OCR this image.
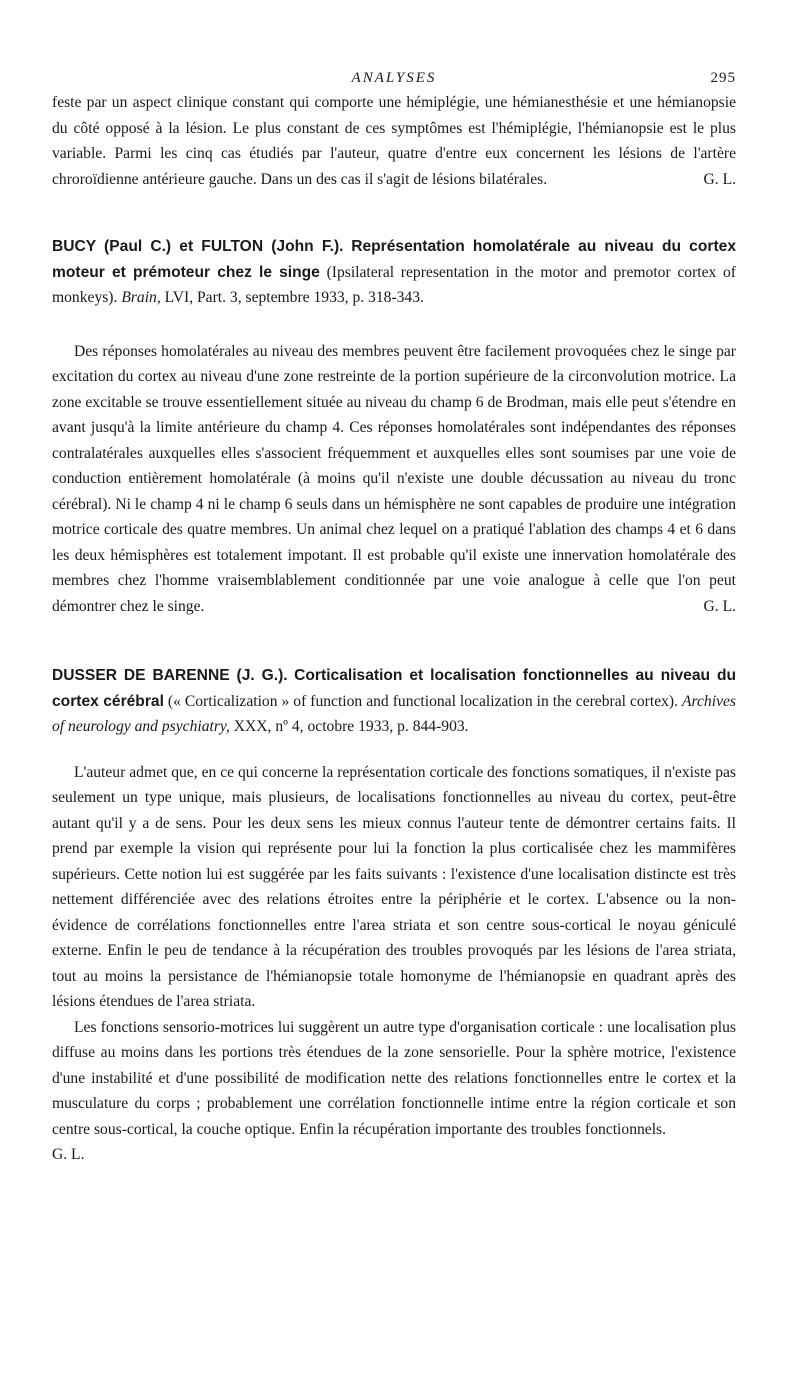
ANALYSES	295

feste par un aspect clinique constant qui comporte une hémiplégie, une hémianesthésie et une hémianopsie du côté opposé à la lésion. Le plus constant de ces symptômes est l'hémiplégie, l'hémianopsie est le plus variable. Parmi les cinq cas étudiés par l'auteur, quatre d'entre eux concernent les lésions de l'artère chroroïdienne antérieure gauche. Dans un des cas il s'agit de lésions bilatérales.	G. L.

BUCY (Paul C.) et FULTON (John F.). Représentation homolatérale au niveau du cortex moteur et prémoteur chez le singe (Ipsilateral representation in the motor and premotor cortex of monkeys). Brain, LVI, Part. 3, septembre 1933, p. 318-343.

Des réponses homolatérales au niveau des membres peuvent être facilement provoquées chez le singe par excitation du cortex au niveau d'une zone restreinte de la portion supérieure de la circonvolution motrice. La zone excitable se trouve essentiellement située au niveau du champ 6 de Brodman, mais elle peut s'étendre en avant jusqu'à la limite antérieure du champ 4. Ces réponses homolatérales sont indépendantes des réponses contralatérales auxquelles elles s'associent fréquemment et auxquelles elles sont soumises par une voie de conduction entièrement homolatérale (à moins qu'il n'existe une double décussation au niveau du tronc cérébral). Ni le champ 4 ni le champ 6 seuls dans un hémisphère ne sont capables de produire une intégration motrice corticale des quatre membres. Un animal chez lequel on a pratiqué l'ablation des champs 4 et 6 dans les deux hémisphères est totalement impotant. Il est probable qu'il existe une innervation homolatérale des membres chez l'homme vraisemblablement conditionnée par une voie analogue à celle que l'on peut démontrer chez le singe.	G. L.

DUSSER DE BARENNE (J. G.). Corticalisation et localisation fonctionnelles au niveau du cortex cérébral (« Corticalization » of function and functional localization in the cerebral cortex). Archives of neurology and psychiatry, XXX, nº 4, octobre 1933, p. 844-903.

L'auteur admet que, en ce qui concerne la représentation corticale des fonctions somatiques, il n'existe pas seulement un type unique, mais plusieurs, de localisations fonctionnelles au niveau du cortex, peut-être autant qu'il y a de sens. Pour les deux sens les mieux connus l'auteur tente de démontrer certains faits. Il prend par exemple la vision qui représente pour lui la fonction la plus corticalisée chez les mammifères supérieurs. Cette notion lui est suggérée par les faits suivants : l'existence d'une localisation distincte est très nettement différenciée avec des relations étroites entre la périphérie et le cortex. L'absence ou la non-évidence de corrélations fonctionnelles entre l'area striata et son centre sous-cortical le noyau géniculé externe. Enfin le peu de tendance à la récupération des troubles provoqués par les lésions de l'area striata, tout au moins la persistance de l'hémianopsie totale homonyme de l'hémianopsie en quadrant après des lésions étendues de l'area striata.

Les fonctions sensorio-motrices lui suggèrent un autre type d'organisation corticale : une localisation plus diffuse au moins dans les portions très étendues de la zone sensorielle. Pour la sphère motrice, l'existence d'une instabilité et d'une possibilité de modification nette des relations fonctionnelles entre le cortex et la musculature du corps ; probablement une corrélation fonctionnelle intime entre la région corticale et son centre sous-cortical, la couche optique. Enfin la récupération importante des troubles fonctionnels.

G. L.
